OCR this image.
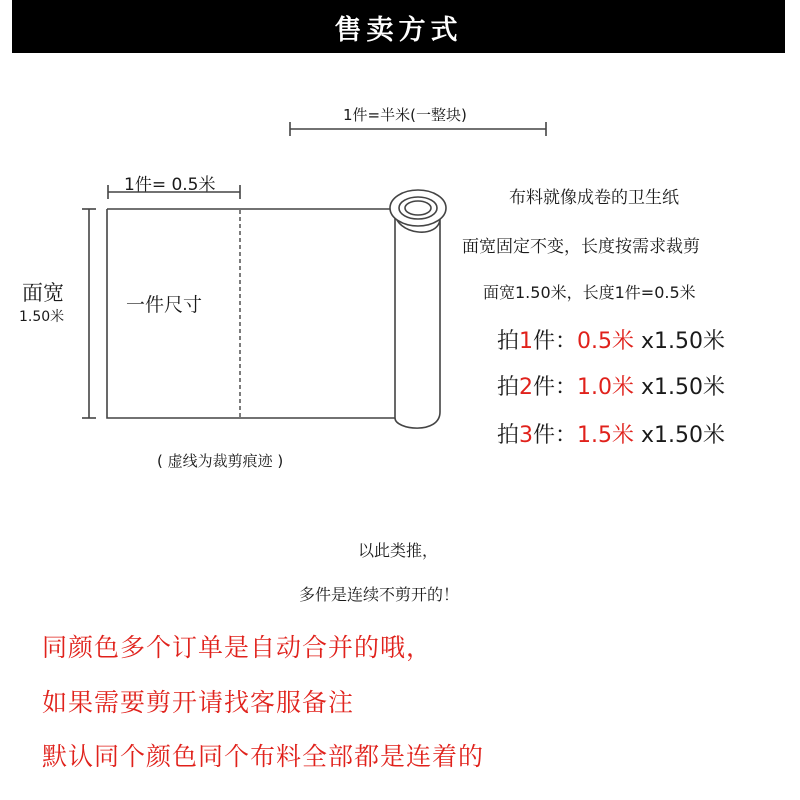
售卖方式
1件=半米(一整块)
1件= 0.5米
面宽
1.50米
一件尺寸
( 虚线为裁剪痕迹 )
布料就像成卷的卫生纸
面宽固定不变，长度按需求裁剪
面宽1.50米，长度1件=0.5米
拍1件：0.5米 x1.50米
拍2件：1.0米 x1.50米
拍3件：1.5米 x1.50米
以此类推，
多件是连续不剪开的！
同颜色多个订单是自动合并的哦，
如果需要剪开请找客服备注
默认同个颜色同个布料全部都是连着的
